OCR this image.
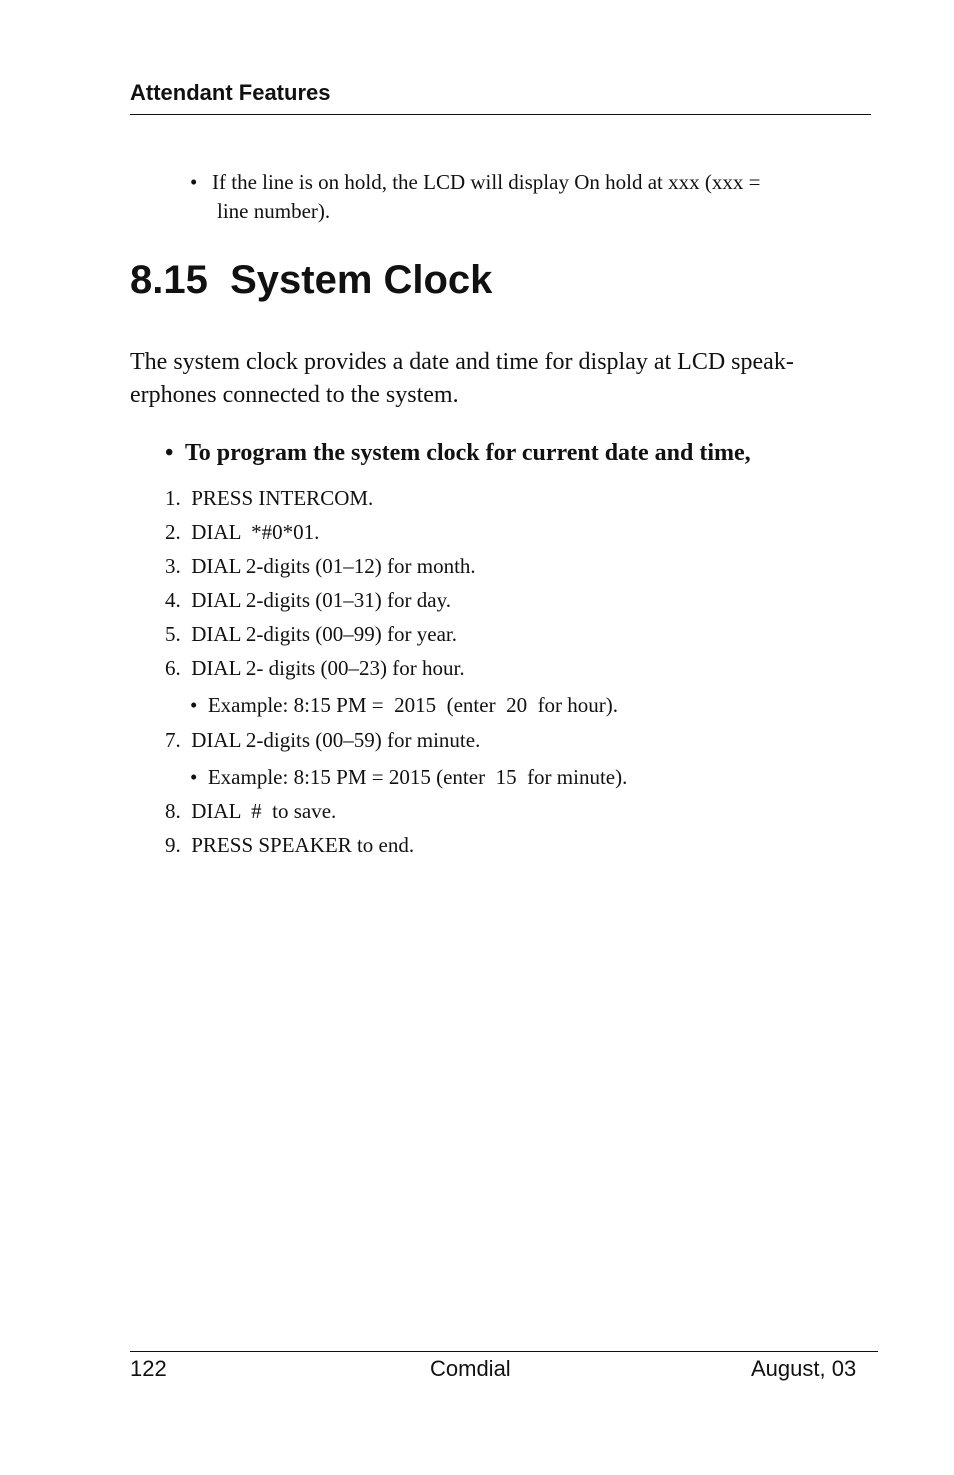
Attendant Features
• If the line is on hold, the LCD will display On hold at xxx (xxx =
line number).
8.15  System Clock
The system clock provides a date and time for display at LCD speak-
erphones connected to the system.
•  To program the system clock for current date and time,
1.  PRESS INTERCOM.
2.  DIAL  *#0*01.
3.  DIAL 2-digits (01–12) for month.
4.  DIAL 2-digits (01–31) for day.
5.  DIAL 2-digits (00–99) for year.
6.  DIAL 2- digits (00–23) for hour.
•  Example: 8:15 PM =  2015  (enter  20  for hour).
7.  DIAL 2-digits (00–59) for minute.
•  Example: 8:15 PM = 2015 (enter  15  for minute).
8.  DIAL  #  to save.
9.  PRESS SPEAKER to end.
122	Comdial	August, 03
